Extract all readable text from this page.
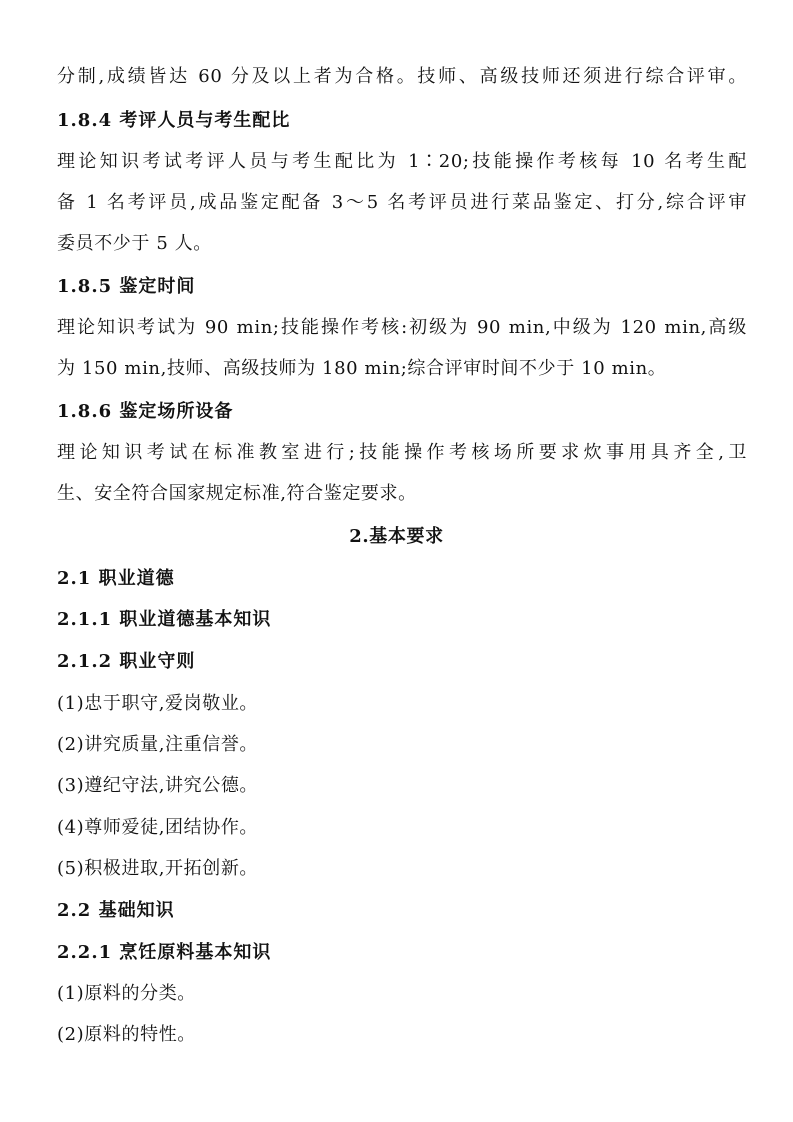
分制,成绩皆达 60 分及以上者为合格。技师、高级技师还须进行综合评审。
1.8.4 考评人员与考生配比
理论知识考试考评人员与考生配比为 1∶20;技能操作考核每 10 名考生配
备 1 名考评员,成品鉴定配备 3～5 名考评员进行菜品鉴定、打分,综合评审
委员不少于 5 人。
1.8.5 鉴定时间
理论知识考试为 90 min;技能操作考核:初级为 90 min,中级为 120 min,高级
为 150 min,技师、高级技师为 180 min;综合评审时间不少于 10 min。
1.8.6 鉴定场所设备
理论知识考试在标准教室进行;技能操作考核场所要求炊事用具齐全,卫
生、安全符合国家规定标准,符合鉴定要求。
2.基本要求
2.1 职业道德
2.1.1 职业道德基本知识
2.1.2 职业守则
(1)忠于职守,爱岗敬业。
(2)讲究质量,注重信誉。
(3)遵纪守法,讲究公德。
(4)尊师爱徒,团结协作。
(5)积极进取,开拓创新。
2.2 基础知识
2.2.1 烹饪原料基本知识
(1)原料的分类。
(2)原料的特性。
